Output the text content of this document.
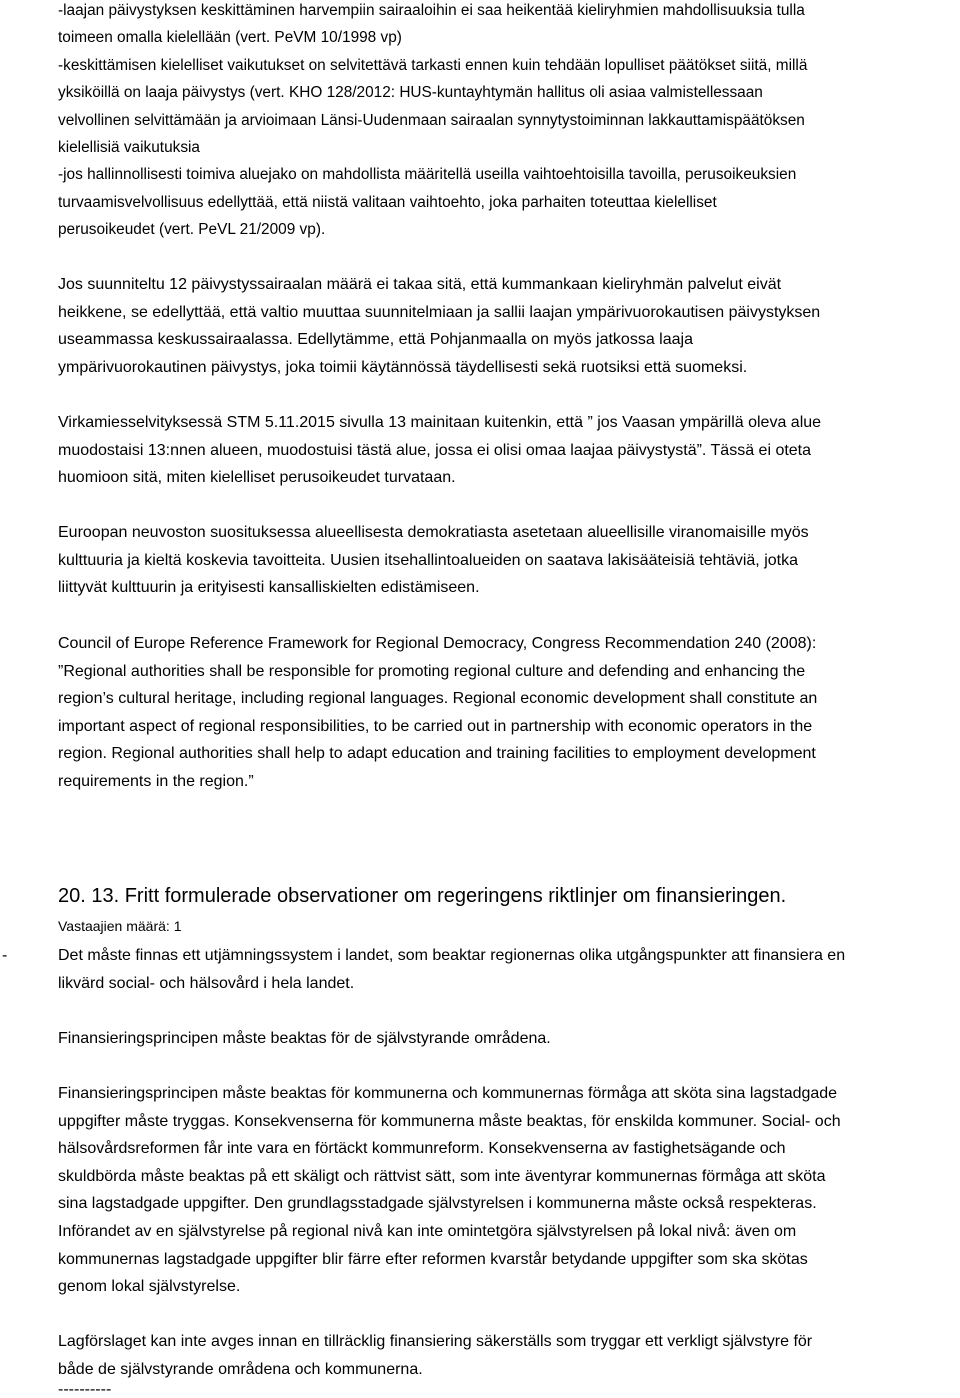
-laajan päivystyksen keskittäminen harvempiin sairaaloihin ei saa heikentää kieliryhmien mahdollisuuksia tulla
toimeen omalla kielellään (vert. PeVM 10/1998 vp)
-keskittämisen kielelliset vaikutukset on selvitettävä tarkasti ennen kuin tehdään lopulliset päätökset siitä, millä
yksiköillä on laaja päivystys (vert. KHO 128/2012: HUS-kuntayhtymän hallitus oli asiaa valmistellessaan
velvollinen selvittämään ja arvioimaan Länsi-Uudenmaan sairaalan synnytystoiminnan lakkauttamispäätöksen
kielellisiä vaikutuksia
-jos hallinnollisesti toimiva aluejako on mahdollista määritellä useilla vaihtoehtoisilla tavoilla, perusoikeuksien
turvaamisvelvollisuus edellyttää, että niistä valitaan vaihtoehto, joka parhaiten toteuttaa kielelliset
perusoikeudet (vert. PeVL 21/2009 vp).
Jos suunniteltu 12 päivystyssairaalan määrä ei takaa sitä, että kummankaan kieliryhmän palvelut eivät
heikkene, se edellyttää, että valtio muuttaa suunnitelmiaan ja sallii laajan ympärivuorokautisen päivystyksen
useammassa keskussairaalassa. Edellytämme, että Pohjanmaalla on myös jatkossa laaja
ympärivuorokautinen päivystys, joka toimii käytännössä täydellisesti sekä ruotsiksi että suomeksi.
Virkamiesselvityksessä STM 5.11.2015 sivulla 13 mainitaan kuitenkin, että ” jos Vaasan ympärillä oleva alue
muodostaisi 13:nnen alueen, muodostuisi tästä alue, jossa ei olisi omaa laajaa päivystystä”. Tässä ei oteta
huomioon sitä, miten kielelliset perusoikeudet turvataan.
Euroopan neuvoston suosituksessa alueellisesta demokratiasta asetetaan alueellisille viranomaisille myös
kulttuuria ja kieltä koskevia tavoitteita. Uusien itsehallintoalueiden on saatava lakisääteisiä tehtäviä, jotka
liittyvät kulttuurin ja erityisesti kansalliskielten edistämiseen.
Council of Europe Reference Framework for Regional Democracy, Congress Recommendation 240 (2008):
”Regional authorities shall be responsible for promoting regional culture and defending and enhancing the
region’s cultural heritage, including regional languages. Regional economic development shall constitute an
important aspect of regional responsibilities, to be carried out in partnership with economic operators in the
region. Regional authorities shall help to adapt education and training facilities to employment development
requirements in the region.”
20. 13. Fritt formulerade observationer om regeringens riktlinjer om finansieringen.
Vastaajien määrä: 1
-	Det måste finnas ett utjämningssystem i landet, som beaktar regionernas olika utgångspunkter att finansiera en
likvärd social- och hälsovård i hela landet.
Finansieringsprincipen måste beaktas för de självstyrande områdena.
Finansieringsprincipen måste beaktas för kommunerna och kommunernas förmåga att sköta sina lagstadgade
uppgifter måste tryggas. Konsekvenserna för kommunerna måste beaktas, för enskilda kommuner. Social- och
hälsovårdsreformen får inte vara en förtäckt kommunreform. Konsekvenserna av fastighetsägande och
skuldbörda måste beaktas på ett skäligt och rättvist sätt, som inte äventyrar kommunernas förmåga att sköta
sina lagstadgade uppgifter. Den grundlagsstadgade självstyrelsen i kommunerna måste också respekteras.
Införandet av en självstyrelse på regional nivå kan inte omintetgöra självstyrelsen på lokal nivå: även om
kommunernas lagstadgade uppgifter blir färre efter reformen kvarstår betydande uppgifter som ska skötas
genom lokal självstyrelse.
Lagförslaget kan inte avges innan en tillräcklig finansiering säkerställs som tryggar ett verkligt självstyre för
både de självstyrande områdena och kommunerna.
----------
